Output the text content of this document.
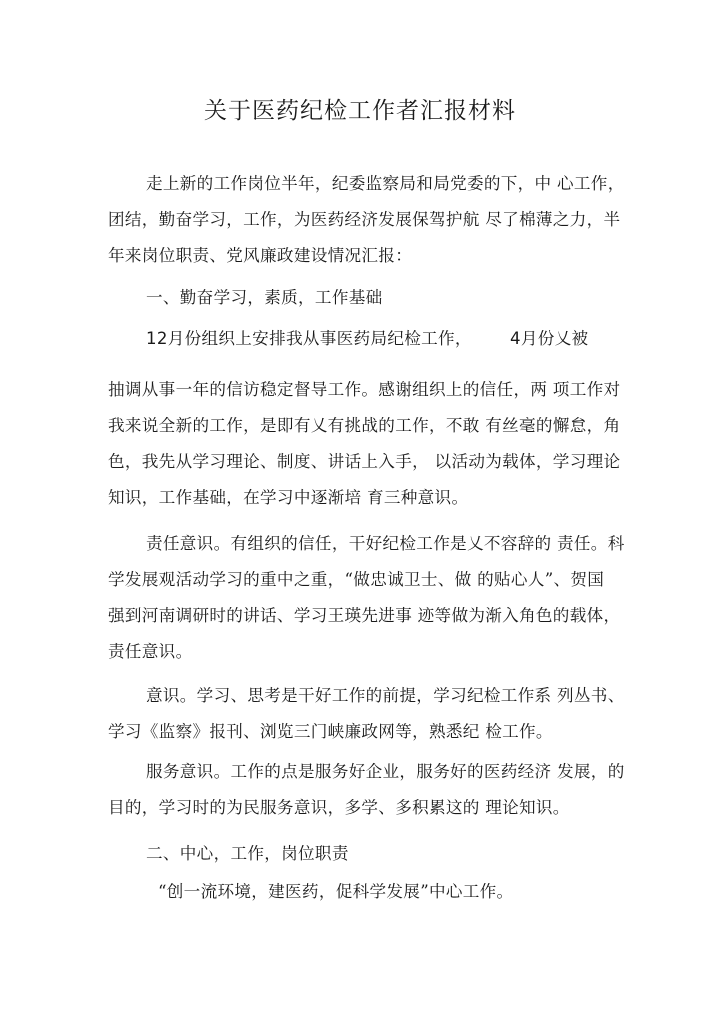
关于医药纪检工作者汇报材料
走上新的工作岗位半年，纪委监察局和局党委的下，中 心工作，
团结，勤奋学习，工作，为医药经济发展保驾护航 尽了棉薄之力，半
年来岗位职责、党风廉政建设情况汇报：
一、勤奋学习，素质，工作基础
12月份组织上安排我从事医药局纪检工作， 4月份乂被
抽调从事一年的信访稳定督导工作。感谢组织上的信任，两 项工作对
我来说全新的工作，是即有乂有挑战的工作，不敢 有丝毫的懈怠，角
色，我先从学习理论、制度、讲话上入手， 以活动为载体，学习理论
知识，工作基础，在学习中逐渐培 育三种意识。
责任意识。有组织的信任，干好纪检工作是乂不容辞的 责任。科
学发展观活动学习的重中之重，“做忠诚卫士、做 的贴心人”、贺国
强到河南调研时的讲话、学习王瑛先进事 迹等做为渐入角色的载体，
责任意识。
意识。学习、思考是干好工作的前提，学习纪检工作系 列丛书、
学习《监察》报刊、浏览三门峡廉政网等，熟悉纪 检工作。
服务意识。工作的点是服务好企业，服务好的医药经济 发展，的
目的，学习时的为民服务意识，多学、多积累这的 理论知识。
二、中心，工作，岗位职责
“创一流环境，建医药，促科学发展”中心工作。
